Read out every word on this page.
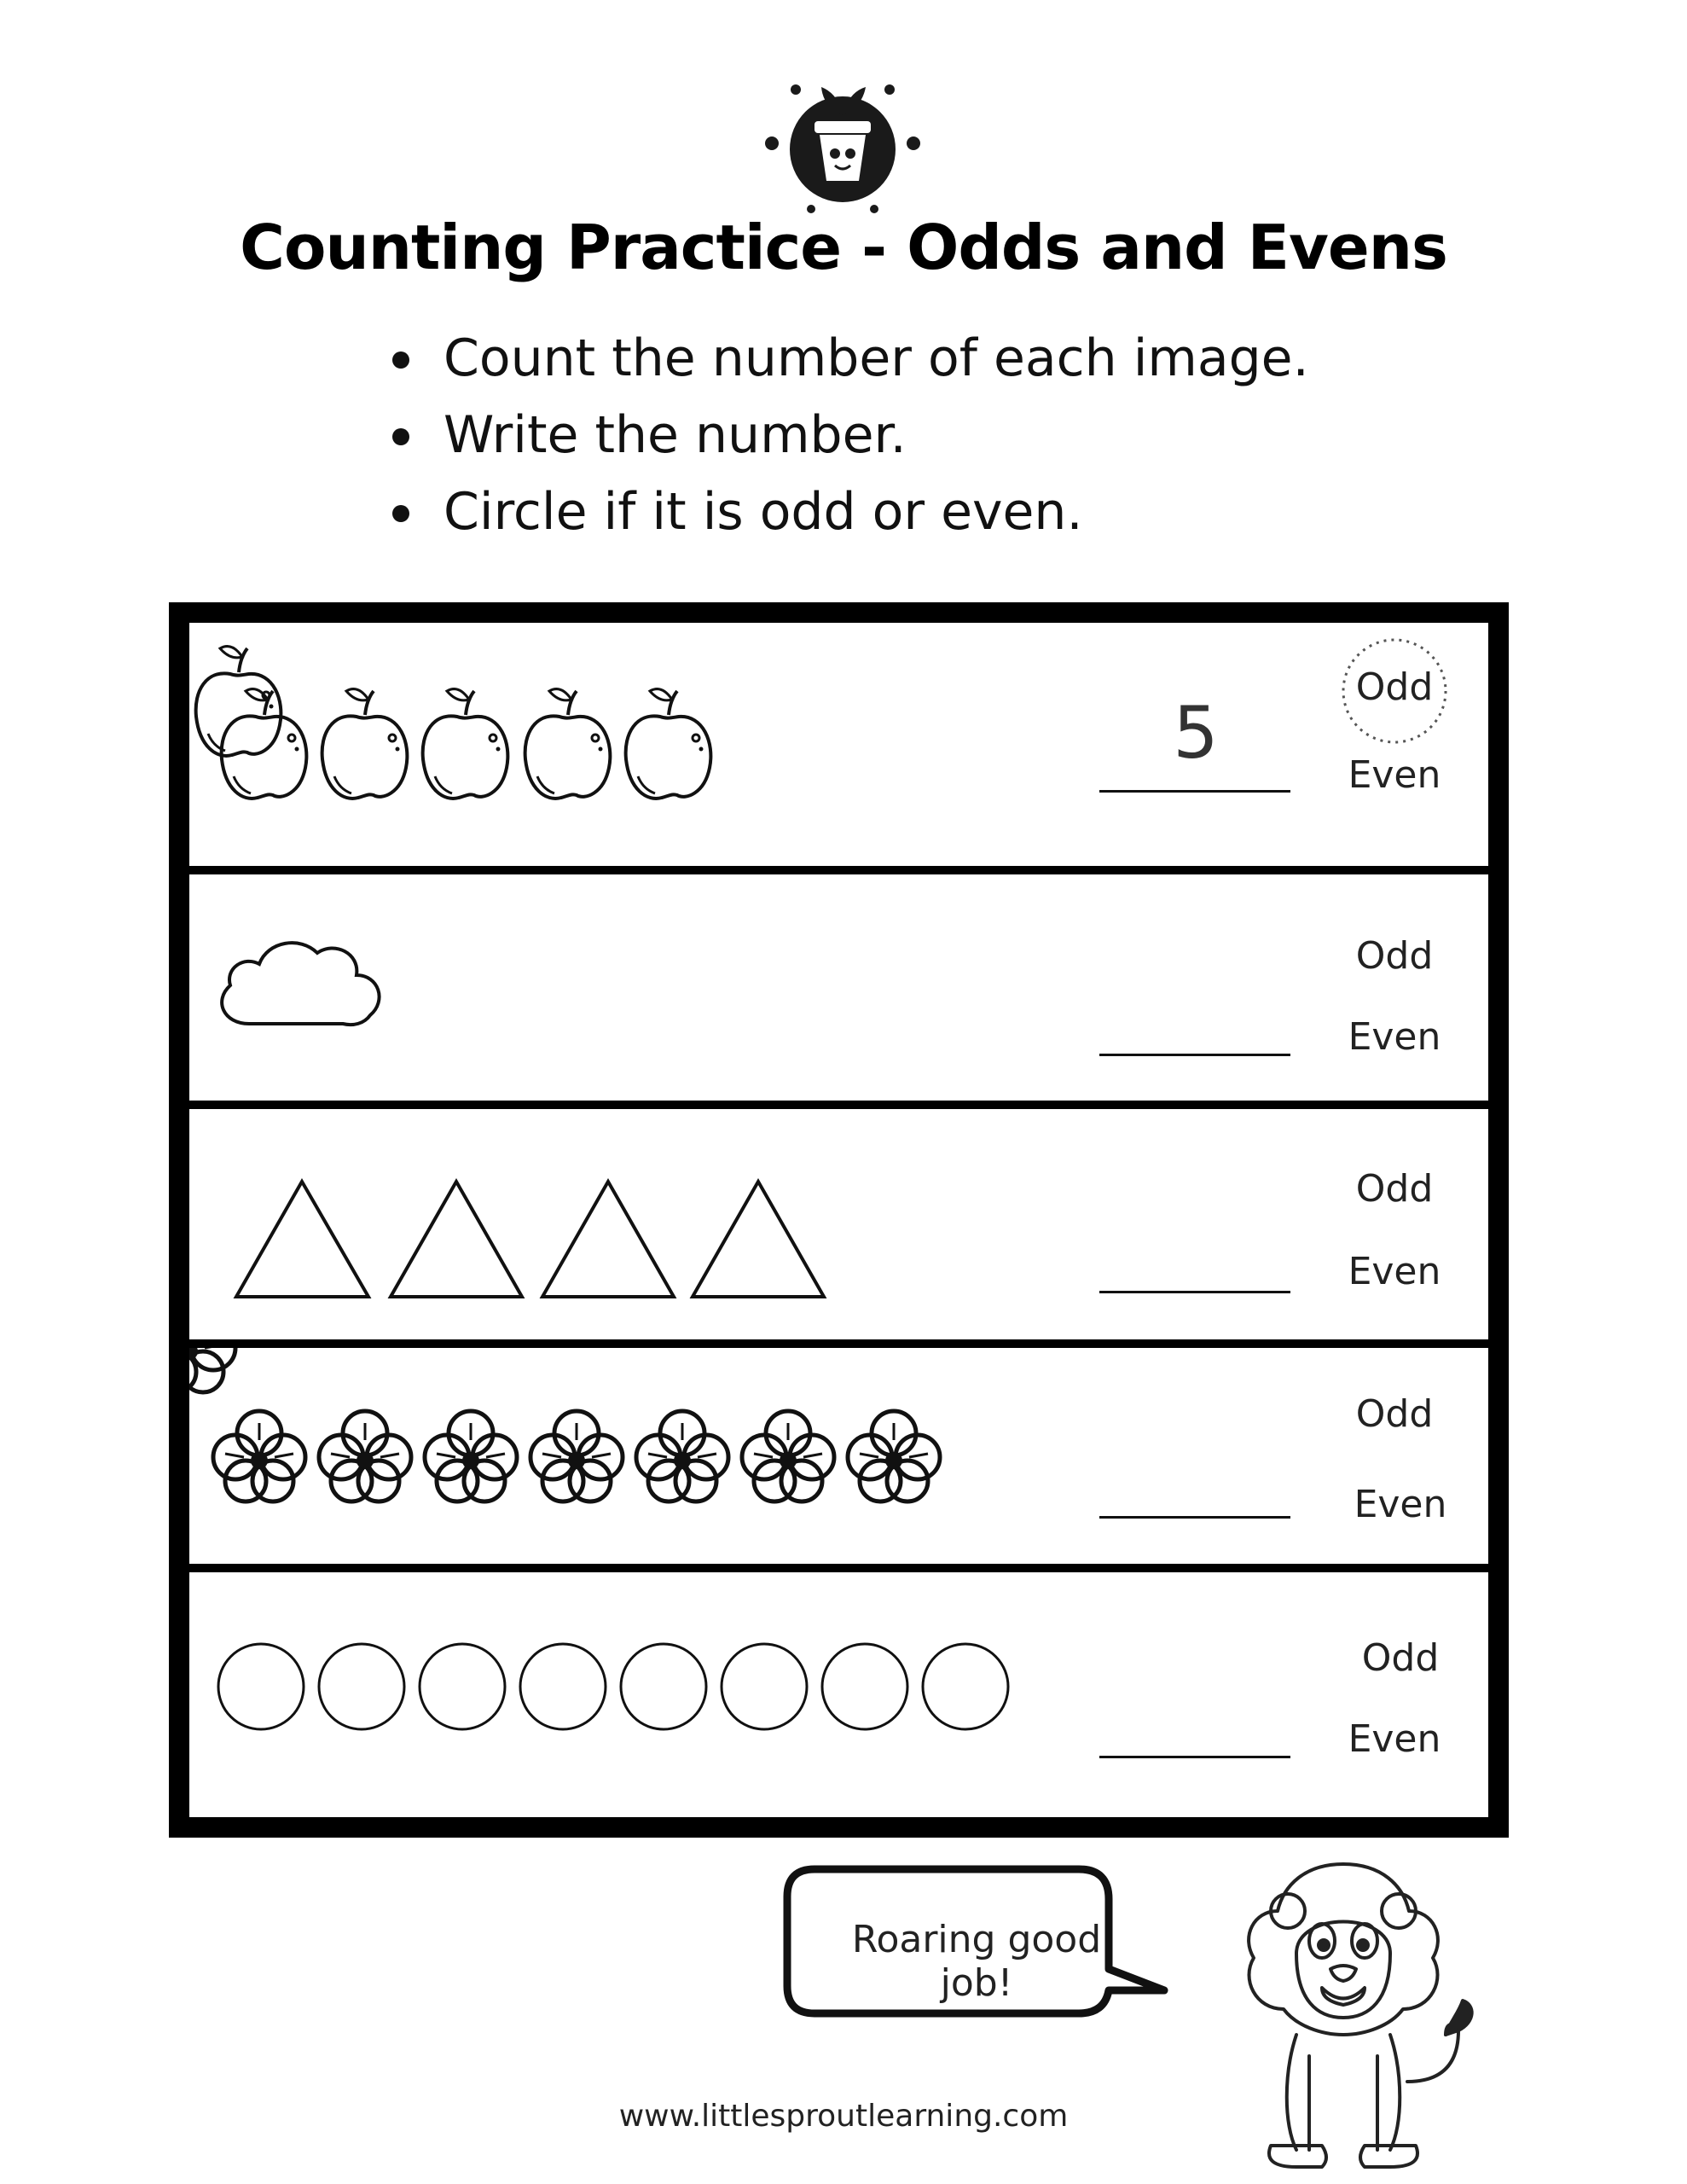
Counting Practice - Odds and Evens
Count the number of each image.
Write the number.
Circle if it is odd or even.
5
Odd
Even
Odd
Even
Odd
Even
Odd
Even
Odd
Even
Roaring good job!
www.littlesproutlearning.com
